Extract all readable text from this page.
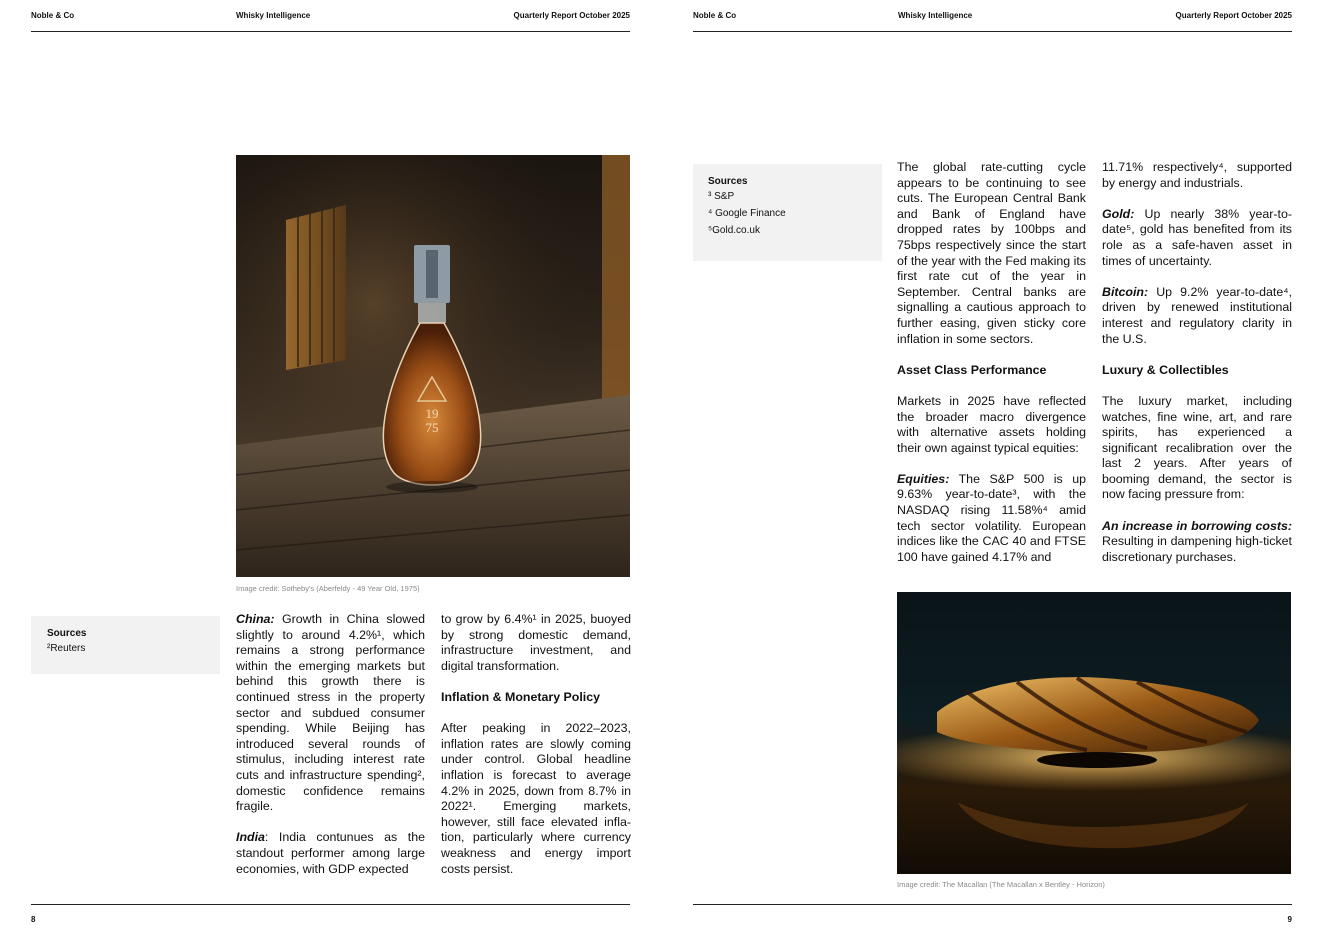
Noble & Co	Whisky Intelligence	Quarterly Report October 2025
19
75
Image credit: Sotheby's (Aberfeldy - 49 Year Old, 1975)
Sources
²Reuters

China: Growth in China slowed slightly to around 4.2%¹, which remains a strong performance within the emerging markets but behind this growth there is continued stress in the property sector and subdued consumer spending. While Beijing has introduced several rounds of stimulus, including interest rate cuts and infrastructure spending², domestic confidence remains fragile.

India: India contunues as the standout performer among large economies, with GDP expected

to grow by 6.4%¹ in 2025, buoyed by strong domestic demand, infrastructure investment, and digital transformation.

Inflation & Monetary Policy

After peaking in 2022–2023, inflation rates are slowly coming under control. Global headline inflation is forecast to average 4.2% in 2025, down from 8.7% in 2022¹. Emerging markets, however, still face elevated infla-tion, particularly where currency weakness and energy import costs persist.

8
Noble & Co	Whisky Intelligence	Quarterly Report October 2025
Sources
³ S&P
⁴ Google Finance
⁵Gold.co.uk

The global rate-cutting cycle appears to be continuing to see cuts. The European Central Bank and Bank of England have dropped rates by 100bps and 75bps respectively since the start of the year with the Fed making its first rate cut of the year in September. Central banks are signalling a cautious approach to further easing, given sticky core inflation in some sectors.

Asset Class Performance

Markets in 2025 have reflected the broader macro divergence with alternative assets holding their own against typical equities:

Equities: The S&P 500 is up 9.63% year-to-date³, with the NASDAQ rising 11.58%⁴ amid tech sector volatility. European indices like the CAC 40 and FTSE 100 have gained 4.17% and

11.71% respectively⁴, supported by energy and industrials.

Gold: Up nearly 38% year-to-date⁵, gold has benefited from its role as a safe-haven asset in times of uncertainty.

Bitcoin: Up 9.2% year-to-date⁴, driven by renewed institutional interest and regulatory clarity in the U.S.

Luxury & Collectibles

The luxury market, including watches, fine wine, art, and rare spirits, has experienced a significant recalibration over the last 2 years. After years of booming demand, the sector is now facing pressure from:

An increase in borrowing costs: Resulting in dampening high-ticket discretionary purchases.

Image credit: The Macallan (The Macallan x Bentley - Horizon)
9
